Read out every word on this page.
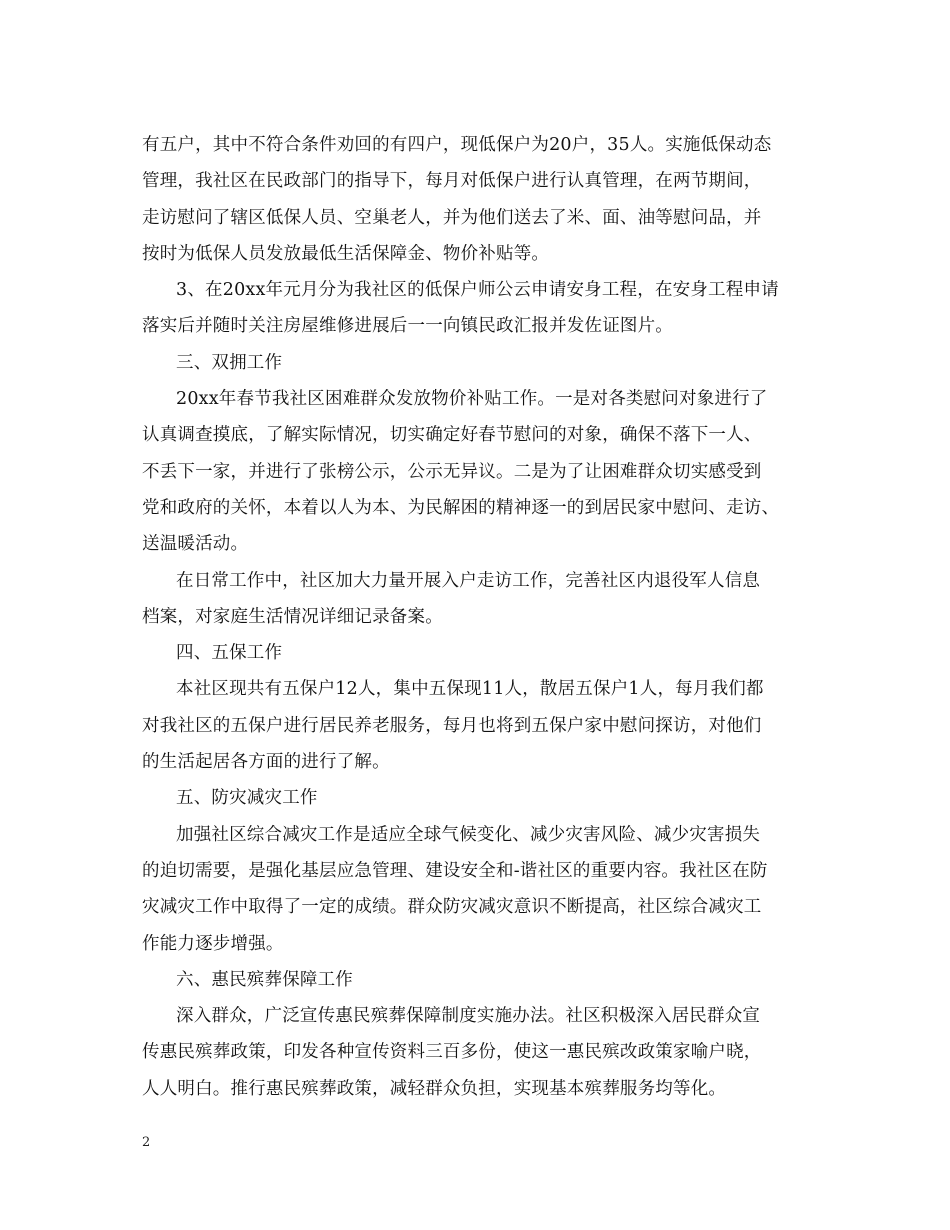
有五户，其中不符合条件劝回的有四户，现低保户为20户，35人。实施低保动态
管理，我社区在民政部门的指导下，每月对低保户进行认真管理，在两节期间，
走访慰问了辖区低保人员、空巢老人，并为他们送去了米、面、油等慰问品，并
按时为低保人员发放最低生活保障金、物价补贴等。
3、在20xx年元月分为我社区的低保户师公云申请安身工程，在安身工程申请
落实后并随时关注房屋维修进展后一一向镇民政汇报并发佐证图片。
三、双拥工作
20xx年春节我社区困难群众发放物价补贴工作。一是对各类慰问对象进行了
认真调查摸底，了解实际情况，切实确定好春节慰问的对象，确保不落下一人、
不丢下一家，并进行了张榜公示，公示无异议。二是为了让困难群众切实感受到
党和政府的关怀，本着以人为本、为民解困的精神逐一的到居民家中慰问、走访、
送温暖活动。
在日常工作中，社区加大力量开展入户走访工作，完善社区内退役军人信息
档案，对家庭生活情况详细记录备案。
四、五保工作
本社区现共有五保户12人，集中五保现11人，散居五保户1人，每月我们都
对我社区的五保户进行居民养老服务，每月也将到五保户家中慰问探访，对他们
的生活起居各方面的进行了解。
五、防灾减灾工作
加强社区综合减灾工作是适应全球气候变化、减少灾害风险、减少灾害损失
的迫切需要，是强化基层应急管理、建设安全和-谐社区的重要内容。我社区在防
灾减灾工作中取得了一定的成绩。群众防灾减灾意识不断提高，社区综合减灾工
作能力逐步增强。
六、惠民殡葬保障工作
深入群众，广泛宣传惠民殡葬保障制度实施办法。社区积极深入居民群众宣
传惠民殡葬政策，印发各种宣传资料三百多份，使这一惠民殡改政策家喻户晓，
人人明白。推行惠民殡葬政策，减轻群众负担，实现基本殡葬服务均等化。
2
